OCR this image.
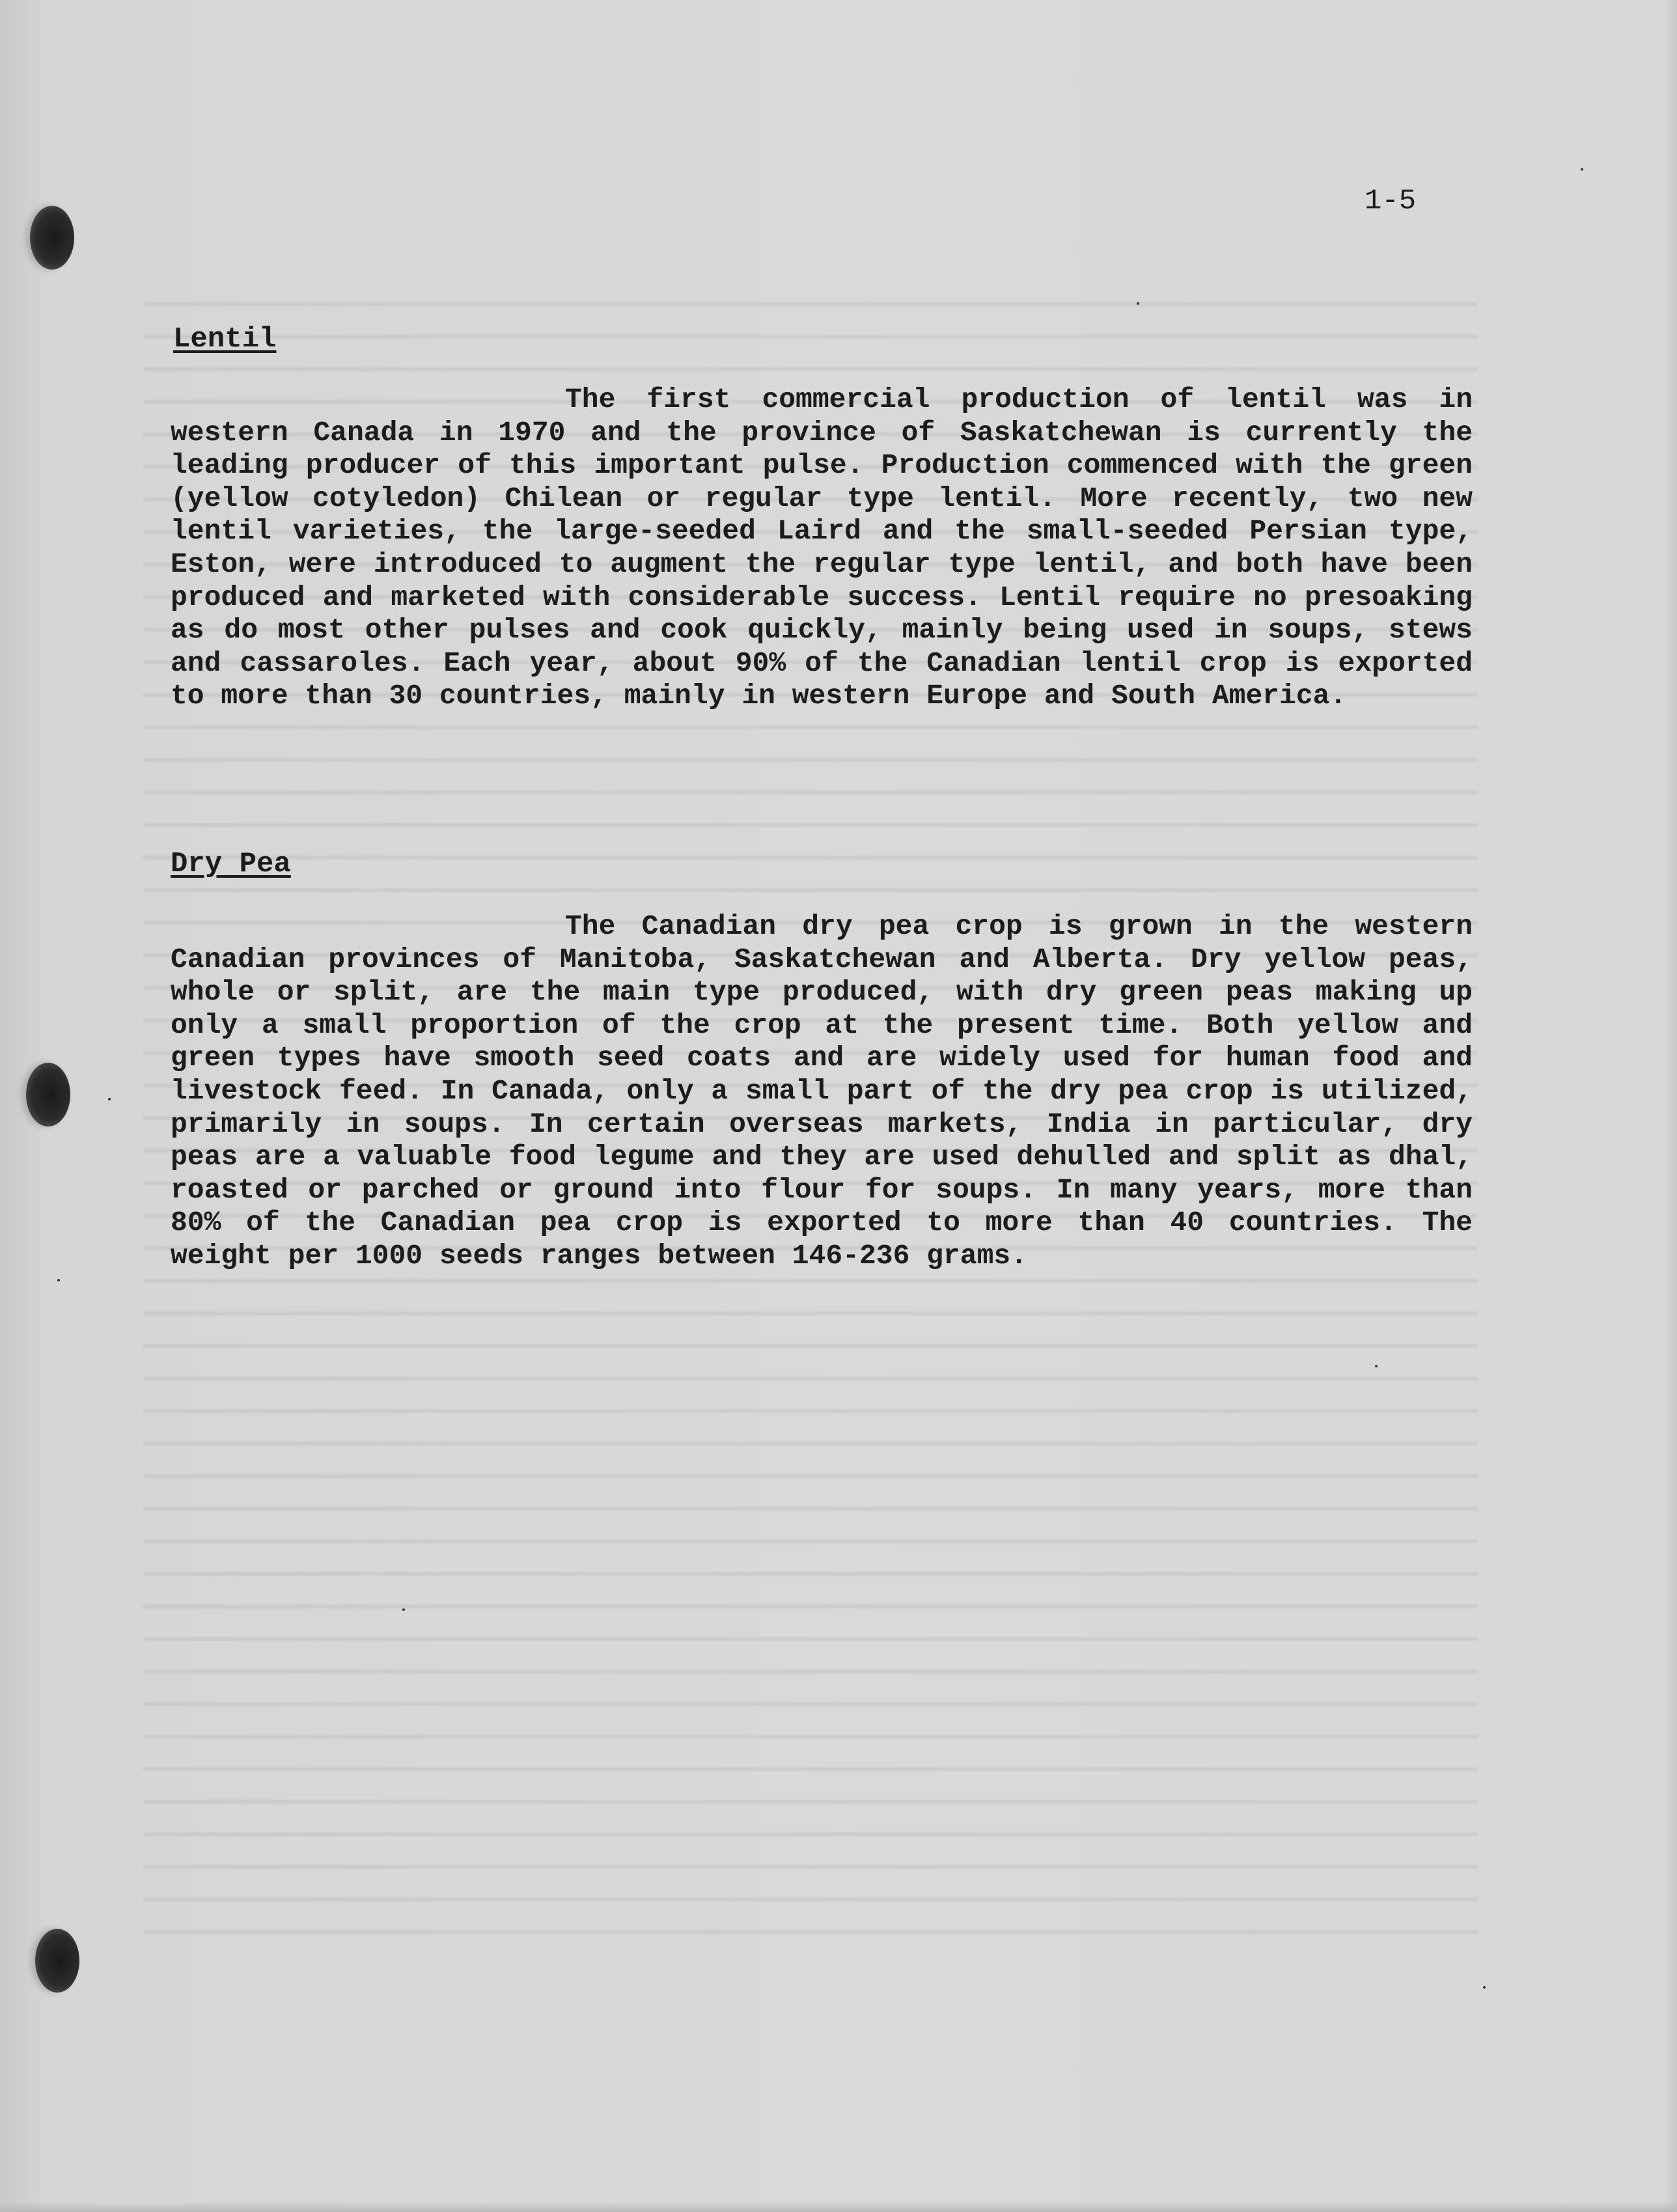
1-5
Lentil

The first commercial production of lentil was in western Canada in 1970 and the province of Saskatchewan is currently the leading producer of this important pulse. Production commenced with the green (yellow cotyledon) Chilean or regular type lentil. More recently, two new lentil varieties, the large-seeded Laird and the small-seeded Persian type, Eston, were introduced to augment the regular type lentil, and both have been produced and marketed with considerable success. Lentil require no presoaking as do most other pulses and cook quickly, mainly being used in soups, stews and cassaroles. Each year, about 90% of the Canadian lentil crop is exported to more than 30 countries, mainly in western Europe and South America.

Dry Pea

The Canadian dry pea crop is grown in the western Canadian provinces of Manitoba, Saskatchewan and Alberta. Dry yellow peas, whole or split, are the main type produced, with dry green peas making up only a small proportion of the crop at the present time. Both yellow and green types have smooth seed coats and are widely used for human food and livestock feed. In Canada, only a small part of the dry pea crop is utilized, primarily in soups. In certain overseas markets, India in particular, dry peas are a valuable food legume and they are used dehulled and split as dhal, roasted or parched or ground into flour for soups. In many years, more than 80% of the Canadian pea crop is exported to more than 40 countries. The weight per 1000 seeds ranges between 146-236 grams.
